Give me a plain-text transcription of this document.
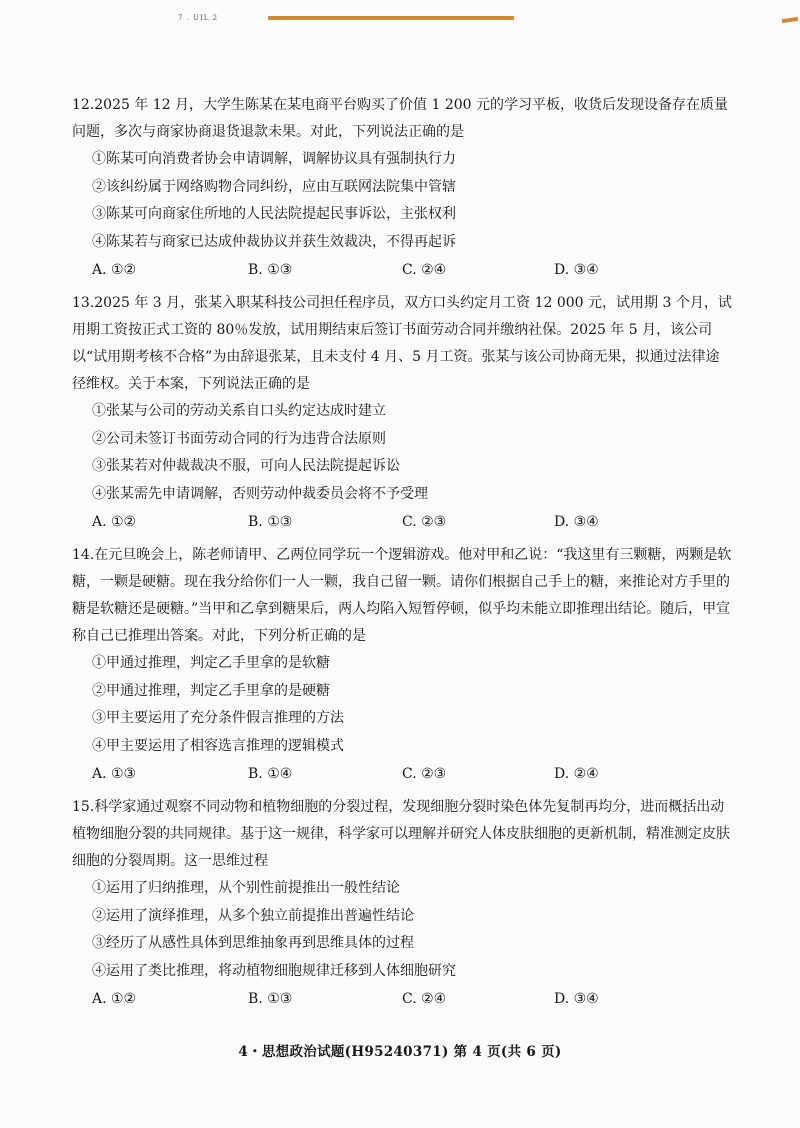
7 . UIL 2
12.2025 年 12 月，大学生陈某在某电商平台购买了价值 1 200 元的学习平板，收货后发现设备存在质量问题，多次与商家协商退货退款未果。对此，下列说法正确的是
①陈某可向消费者协会申请调解，调解协议具有强制执行力
②该纠纷属于网络购物合同纠纷，应由互联网法院集中管辖
③陈某可向商家住所地的人民法院提起民事诉讼，主张权利
④陈某若与商家已达成仲裁协议并获生效裁决，不得再起诉
A. ①②	B. ①③	C. ②④	D. ③④
13.2025 年 3 月，张某入职某科技公司担任程序员，双方口头约定月工资 12 000 元，试用期 3 个月，试用期工资按正式工资的 80％发放，试用期结束后签订书面劳动合同并缴纳社保。2025 年 5 月，该公司以“试用期考核不合格”为由辞退张某，且未支付 4 月、5 月工资。张某与该公司协商无果，拟通过法律途径维权。关于本案，下列说法正确的是
①张某与公司的劳动关系自口头约定达成时建立
②公司未签订书面劳动合同的行为违背合法原则
③张某若对仲裁裁决不服，可向人民法院提起诉讼
④张某需先申请调解，否则劳动仲裁委员会将不予受理
A. ①②	B. ①③	C. ②③	D. ③④
14.在元旦晚会上，陈老师请甲、乙两位同学玩一个逻辑游戏。他对甲和乙说：“我这里有三颗糖，两颗是软糖，一颗是硬糖。现在我分给你们一人一颗，我自己留一颗。请你们根据自己手上的糖，来推论对方手里的糖是软糖还是硬糖。”当甲和乙拿到糖果后，两人均陷入短暂停顿，似乎均未能立即推理出结论。随后，甲宣称自己已推理出答案。对此，下列分析正确的是
①甲通过推理，判定乙手里拿的是软糖
②甲通过推理，判定乙手里拿的是硬糖
③甲主要运用了充分条件假言推理的方法
④甲主要运用了相容选言推理的逻辑模式
A. ①③	B. ①④	C. ②③	D. ②④
15.科学家通过观察不同动物和植物细胞的分裂过程，发现细胞分裂时染色体先复制再均分，进而概括出动植物细胞分裂的共同规律。基于这一规律，科学家可以理解并研究人体皮肤细胞的更新机制，精准测定皮肤细胞的分裂周期。这一思维过程
①运用了归纳推理，从个别性前提推出一般性结论
②运用了演绎推理，从多个独立前提推出普遍性结论
③经历了从感性具体到思维抽象再到思维具体的过程
④运用了类比推理，将动植物细胞规律迁移到人体细胞研究
A. ①②	B. ①③	C. ②④	D. ③④
4・思想政治试题(H95240371) 第 4 页(共 6 页)
